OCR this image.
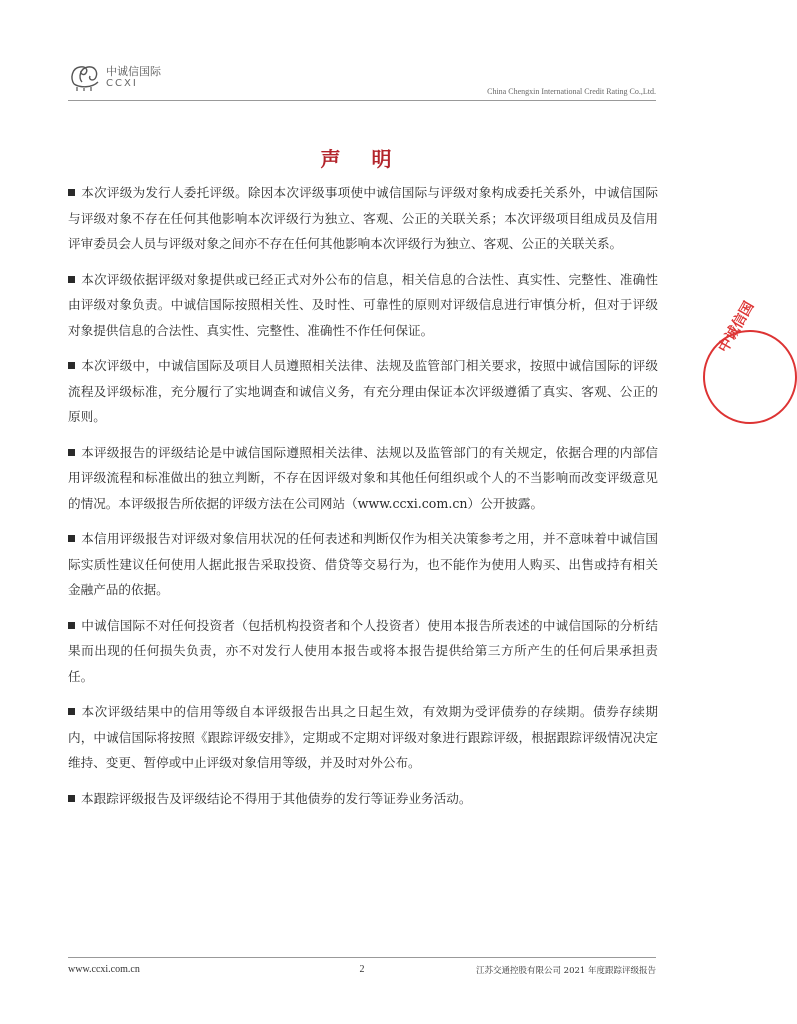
中诚信国际
CCXI
China Chengxin International Credit Rating Co.,Ltd.
声 明

本次评级为发行人委托评级。除因本次评级事项使中诚信国际与评级对象构成委托关系外，中诚信国际与评级对象不存在任何其他影响本次评级行为独立、客观、公正的关联关系；本次评级项目组成员及信用评审委员会人员与评级对象之间亦不存在任何其他影响本次评级行为独立、客观、公正的关联关系。

本次评级依据评级对象提供或已经正式对外公布的信息，相关信息的合法性、真实性、完整性、准确性由评级对象负责。中诚信国际按照相关性、及时性、可靠性的原则对评级信息进行审慎分析，但对于评级对象提供信息的合法性、真实性、完整性、准确性不作任何保证。

本次评级中，中诚信国际及项目人员遵照相关法律、法规及监管部门相关要求，按照中诚信国际的评级流程及评级标准，充分履行了实地调查和诚信义务，有充分理由保证本次评级遵循了真实、客观、公正的原则。

本评级报告的评级结论是中诚信国际遵照相关法律、法规以及监管部门的有关规定，依据合理的内部信用评级流程和标准做出的独立判断，不存在因评级对象和其他任何组织或个人的不当影响而改变评级意见的情况。本评级报告所依据的评级方法在公司网站（www.ccxi.com.cn）公开披露。

本信用评级报告对评级对象信用状况的任何表述和判断仅作为相关决策参考之用，并不意味着中诚信国际实质性建议任何使用人据此报告采取投资、借贷等交易行为，也不能作为使用人购买、出售或持有相关金融产品的依据。

中诚信国际不对任何投资者（包括机构投资者和个人投资者）使用本报告所表述的中诚信国际的分析结果而出现的任何损失负责，亦不对发行人使用本报告或将本报告提供给第三方所产生的任何后果承担责任。

本次评级结果中的信用等级自本评级报告出具之日起生效，有效期为受评债券的存续期。债券存续期内，中诚信国际将按照《跟踪评级安排》，定期或不定期对评级对象进行跟踪评级，根据跟踪评级情况决定维持、变更、暂停或中止评级对象信用等级，并及时对外公布。

本跟踪评级报告及评级结论不得用于其他债券的发行等证券业务活动。

中诚信国
www.ccxi.com.cn	2	江苏交通控股有限公司 2021 年度跟踪评级报告
